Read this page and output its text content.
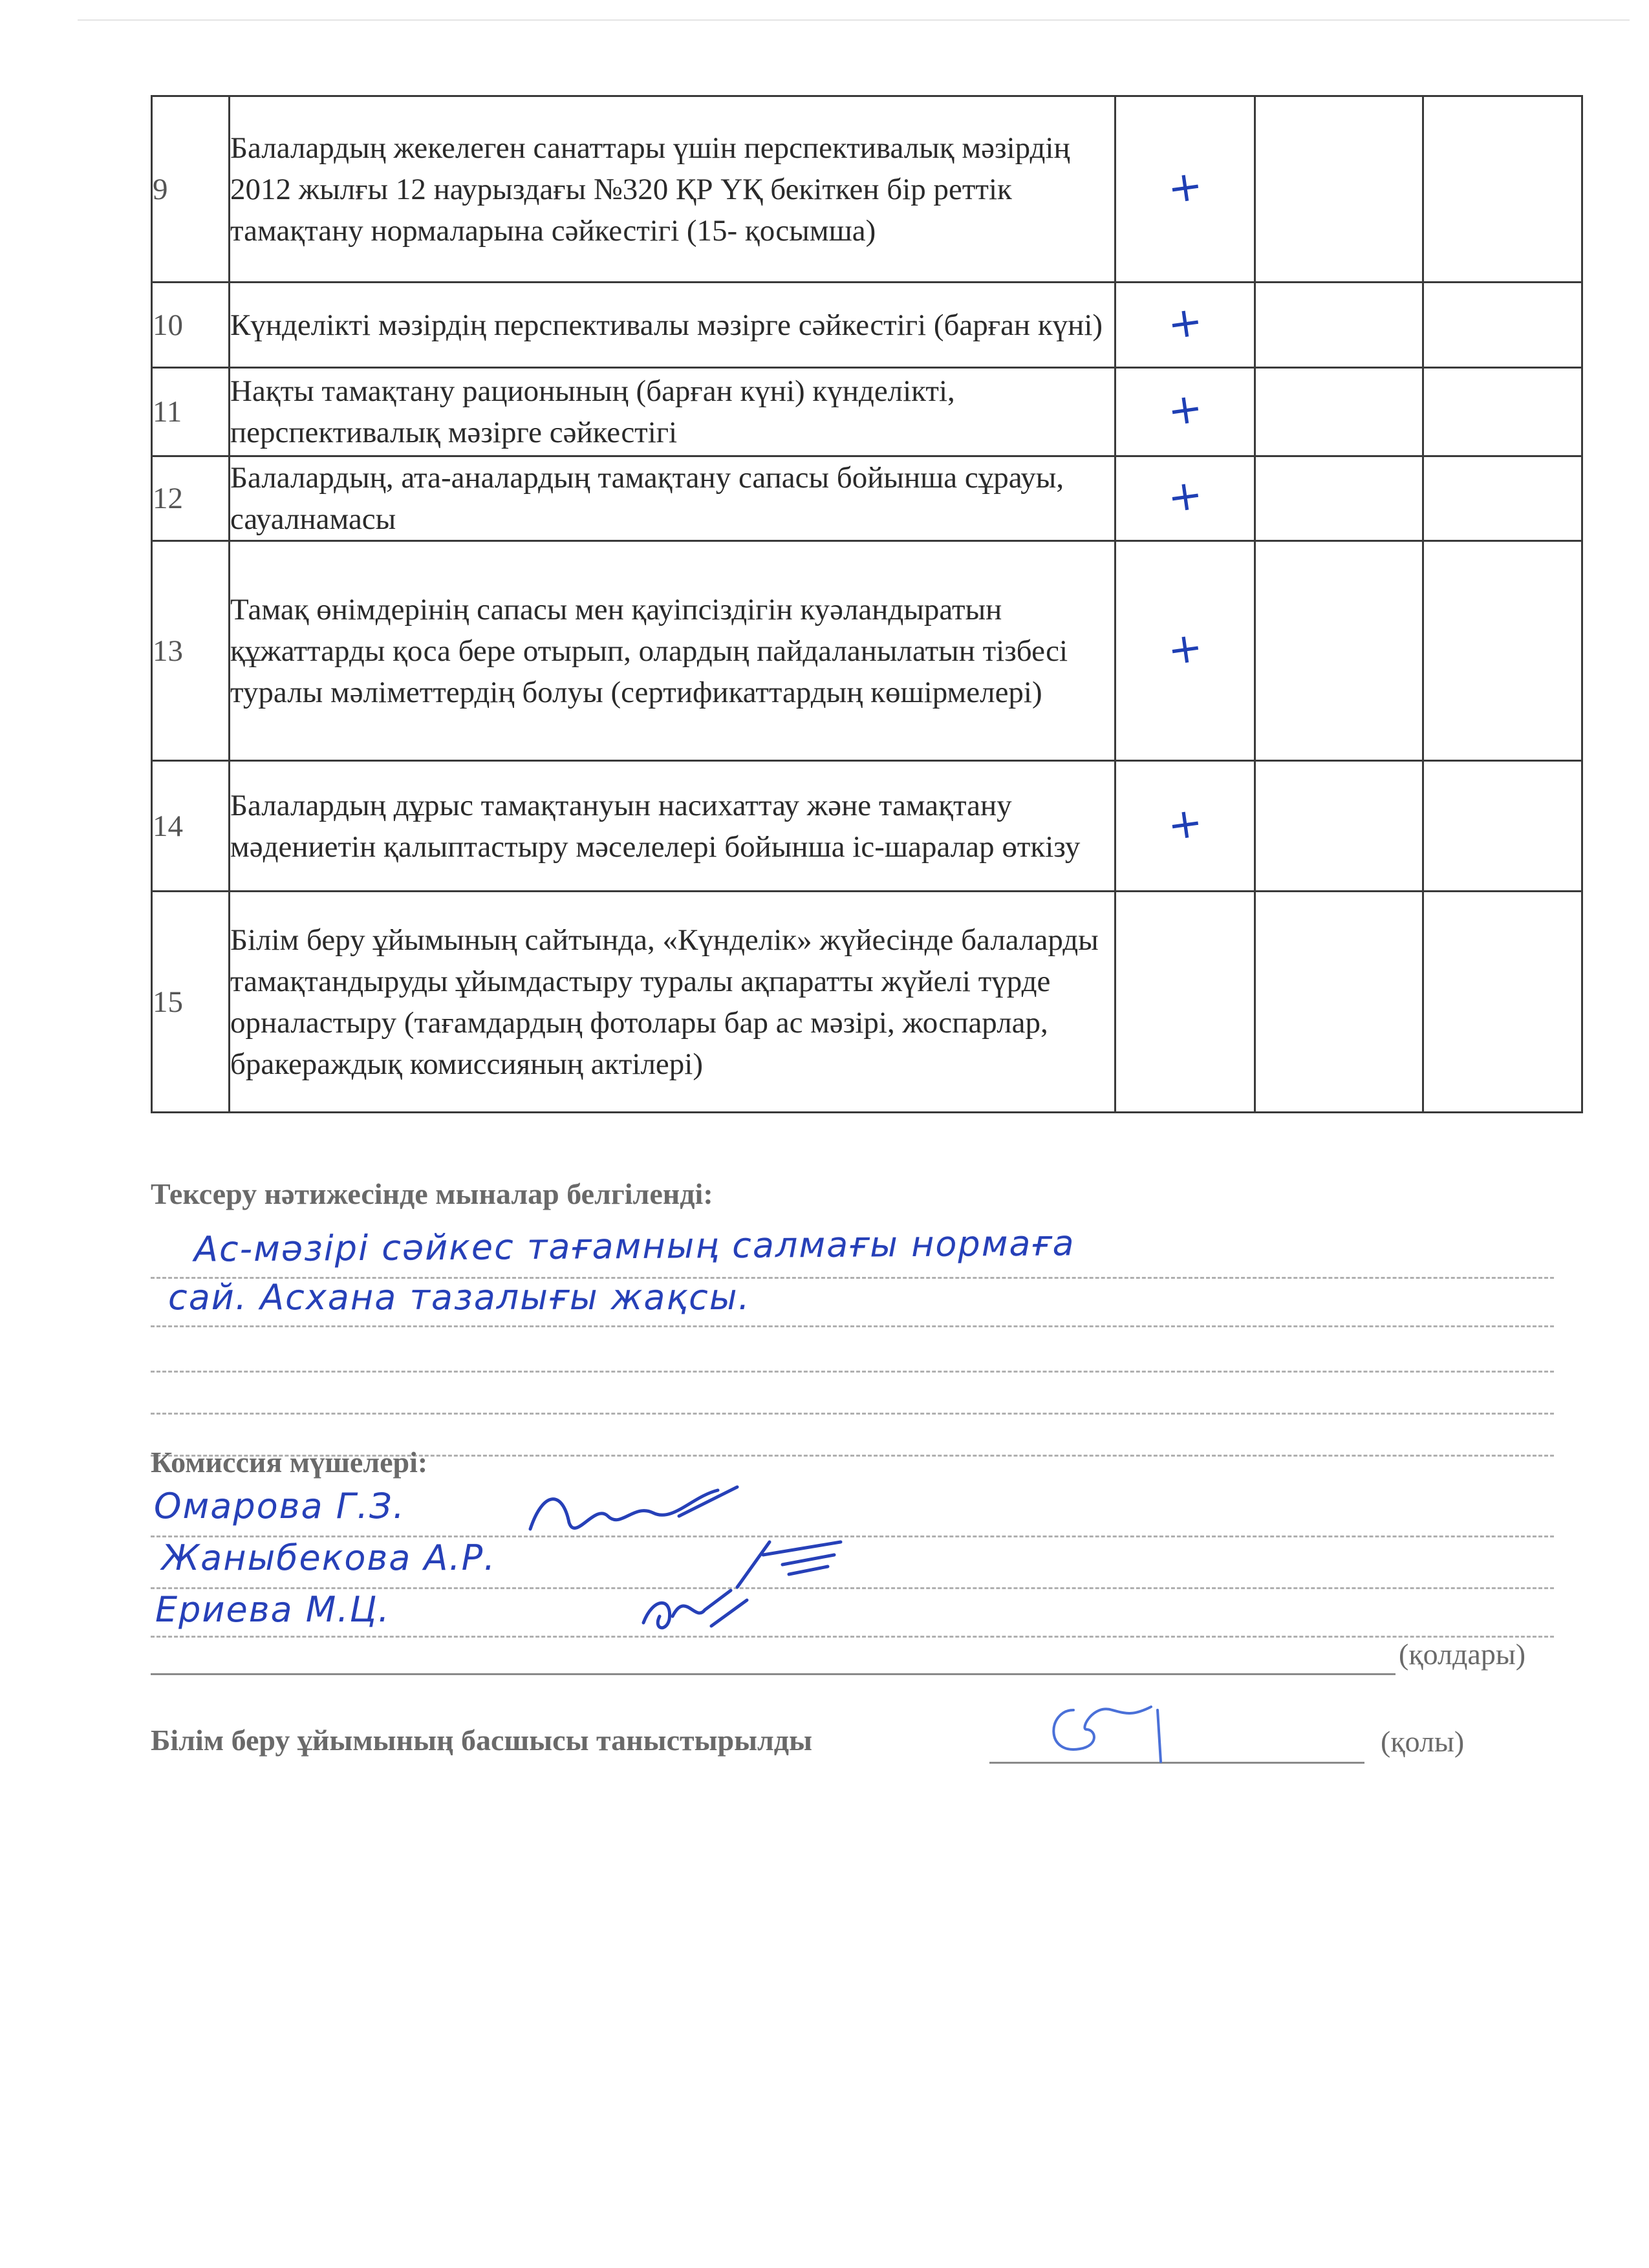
9	Балалардың жекелеген санаттары үшін перспективалық мәзірдің 2012 жылғы 12 наурыздағы №320 ҚР ҮҚ бекіткен бір реттік тамақтану нормаларына сәйкестігі (15- қосымша)	+		
10	Күнделікті мәзірдің перспективалы мәзірге сәйкестігі (барған күні)	+		
11	Нақты тамақтану рационының (барған күні) күнделікті, перспективалық мәзірге сәйкестігі	+		
12	Балалардың, ата-аналардың тамақтану сапасы бойынша сұрауы, сауалнамасы	+		
13	Тамақ өнімдерінің сапасы мен қауіпсіздігін куәландыратын құжаттарды қоса бере отырып, олардың пайдаланылатын тізбесі туралы мәліметтердің болуы (сертификаттардың көшірмелері)	+		
14	Балалардың дұрыс тамақтануын насихаттау және тамақтану мәдениетін қалыптастыру мәселелері бойынша іс-шаралар өткізу	+		
15	Білім беру ұйымының сайтында, «Күнделік» жүйесінде балаларды тамақтандыруды ұйымдастыру туралы ақпаратты жүйелі түрде орналастыру (тағамдардың фотолары бар ас мәзірі, жоспарлар, бракераждық комиссияның актілері)			
Тексеру нәтижесінде мыналар белгіленді:
Ас-мәзірі сәйкес тағамның салмағы нормаға
сай. Асхана тазалығы жақсы.
Комиссия мүшелері:
Омарова Г.З.
Жаныбекова А.Р.
Ериева М.Ц.
(қолдары)
Білім беру ұйымының басшысы таныстырылды	(қолы)
